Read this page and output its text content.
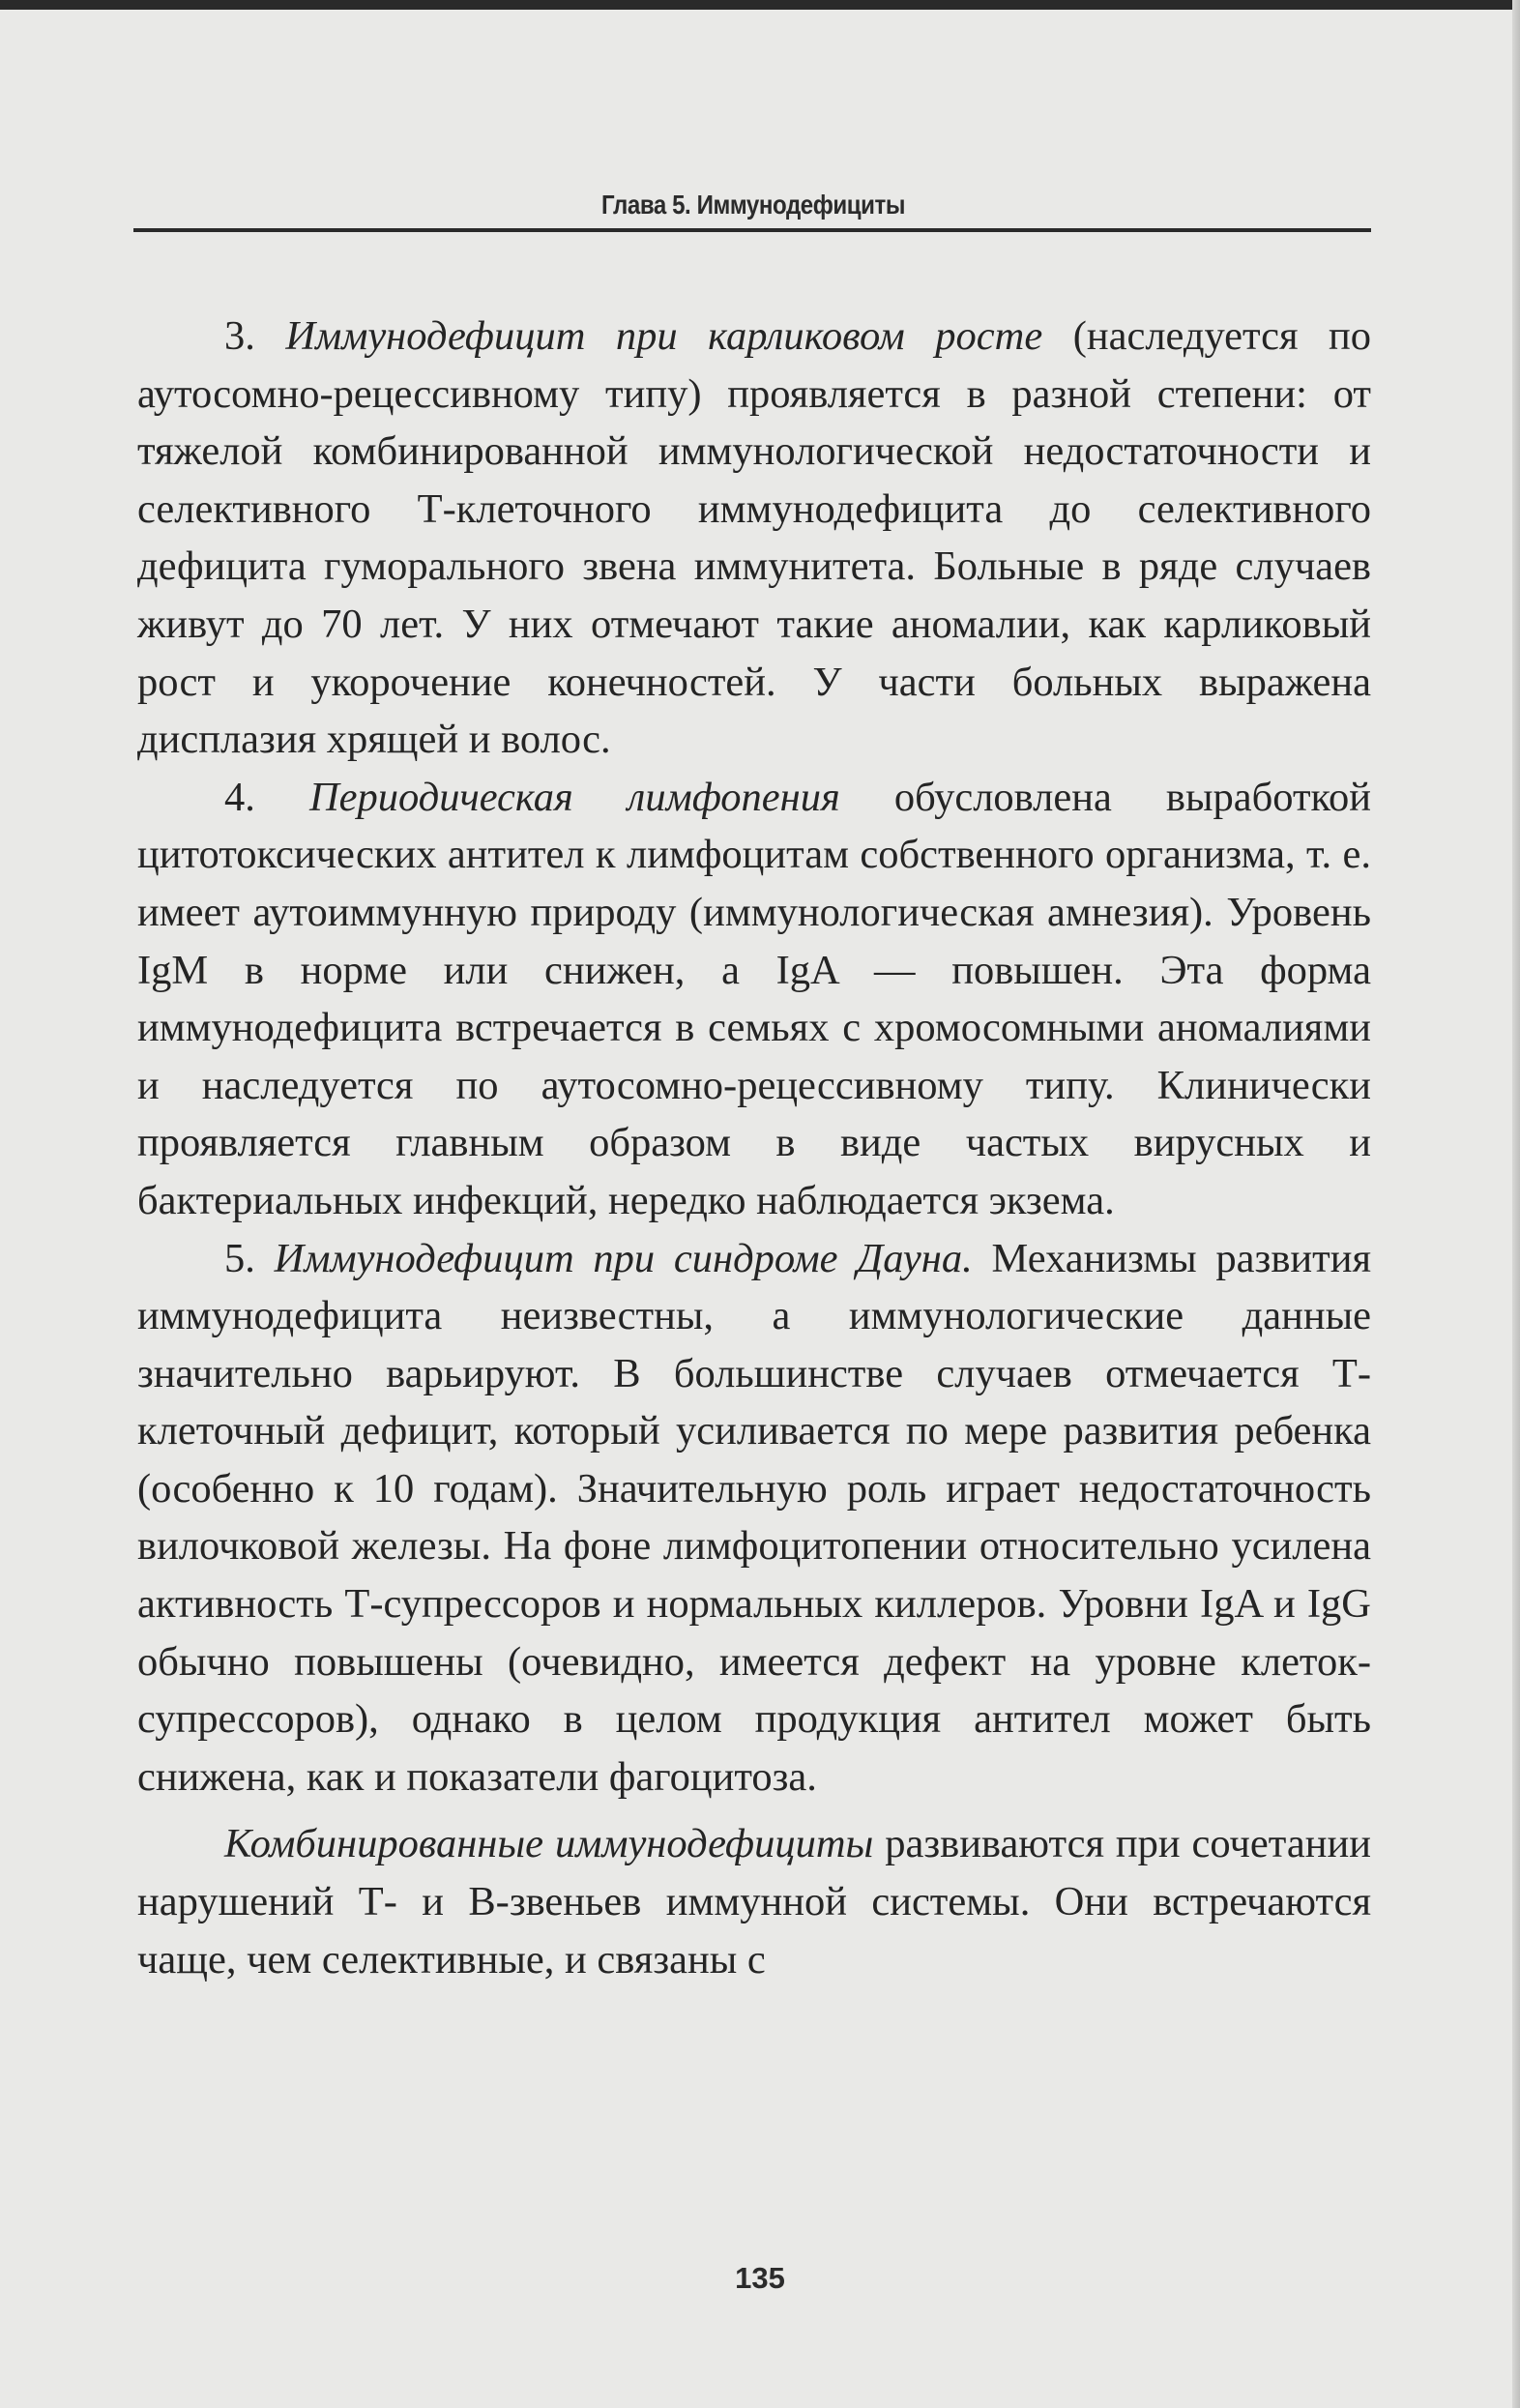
Глава 5. Иммунодефициты

3. Иммунодефицит при карликовом росте (наследуется по аутосомно-рецессивному типу) проявляется в разной степени: от тяжелой комбинированной иммунологической недостаточности и селективного Т-клеточного иммунодефицита до селективного дефицита гуморального звена иммунитета. Больные в ряде случаев живут до 70 лет. У них отмечают такие аномалии, как карликовый рост и укорочение конечностей. У части больных выражена дисплазия хрящей и волос.

4. Периодическая лимфопения обусловлена выработкой цитотоксических антител к лимфоцитам собственного организма, т. е. имеет аутоиммунную природу (иммунологическая амнезия). Уровень IgM в норме или снижен, а IgA — повышен. Эта форма иммунодефицита встречается в семьях с хромосомными аномалиями и наследуется по аутосомно-рецессивному типу. Клинически проявляется главным образом в виде частых вирусных и бактериальных инфекций, нередко наблюдается экзема.

5. Иммунодефицит при синдроме Дауна. Механизмы развития иммунодефицита неизвестны, а иммунологические данные значительно варьируют. В большинстве случаев отмечается Т-клеточный дефицит, который усиливается по мере развития ребенка (особенно к 10 годам). Значительную роль играет недостаточность вилочковой железы. На фоне лимфоцитопении относительно усилена активность Т-супрессоров и нормальных киллеров. Уровни IgA и IgG обычно повышены (очевидно, имеется дефект на уровне клеток-супрессоров), однако в целом продукция антител может быть снижена, как и показатели фагоцитоза.

Комбинированные иммунодефициты развиваются при сочетании нарушений Т- и В-звеньев иммунной системы. Они встречаются чаще, чем селективные, и связаны с

135
